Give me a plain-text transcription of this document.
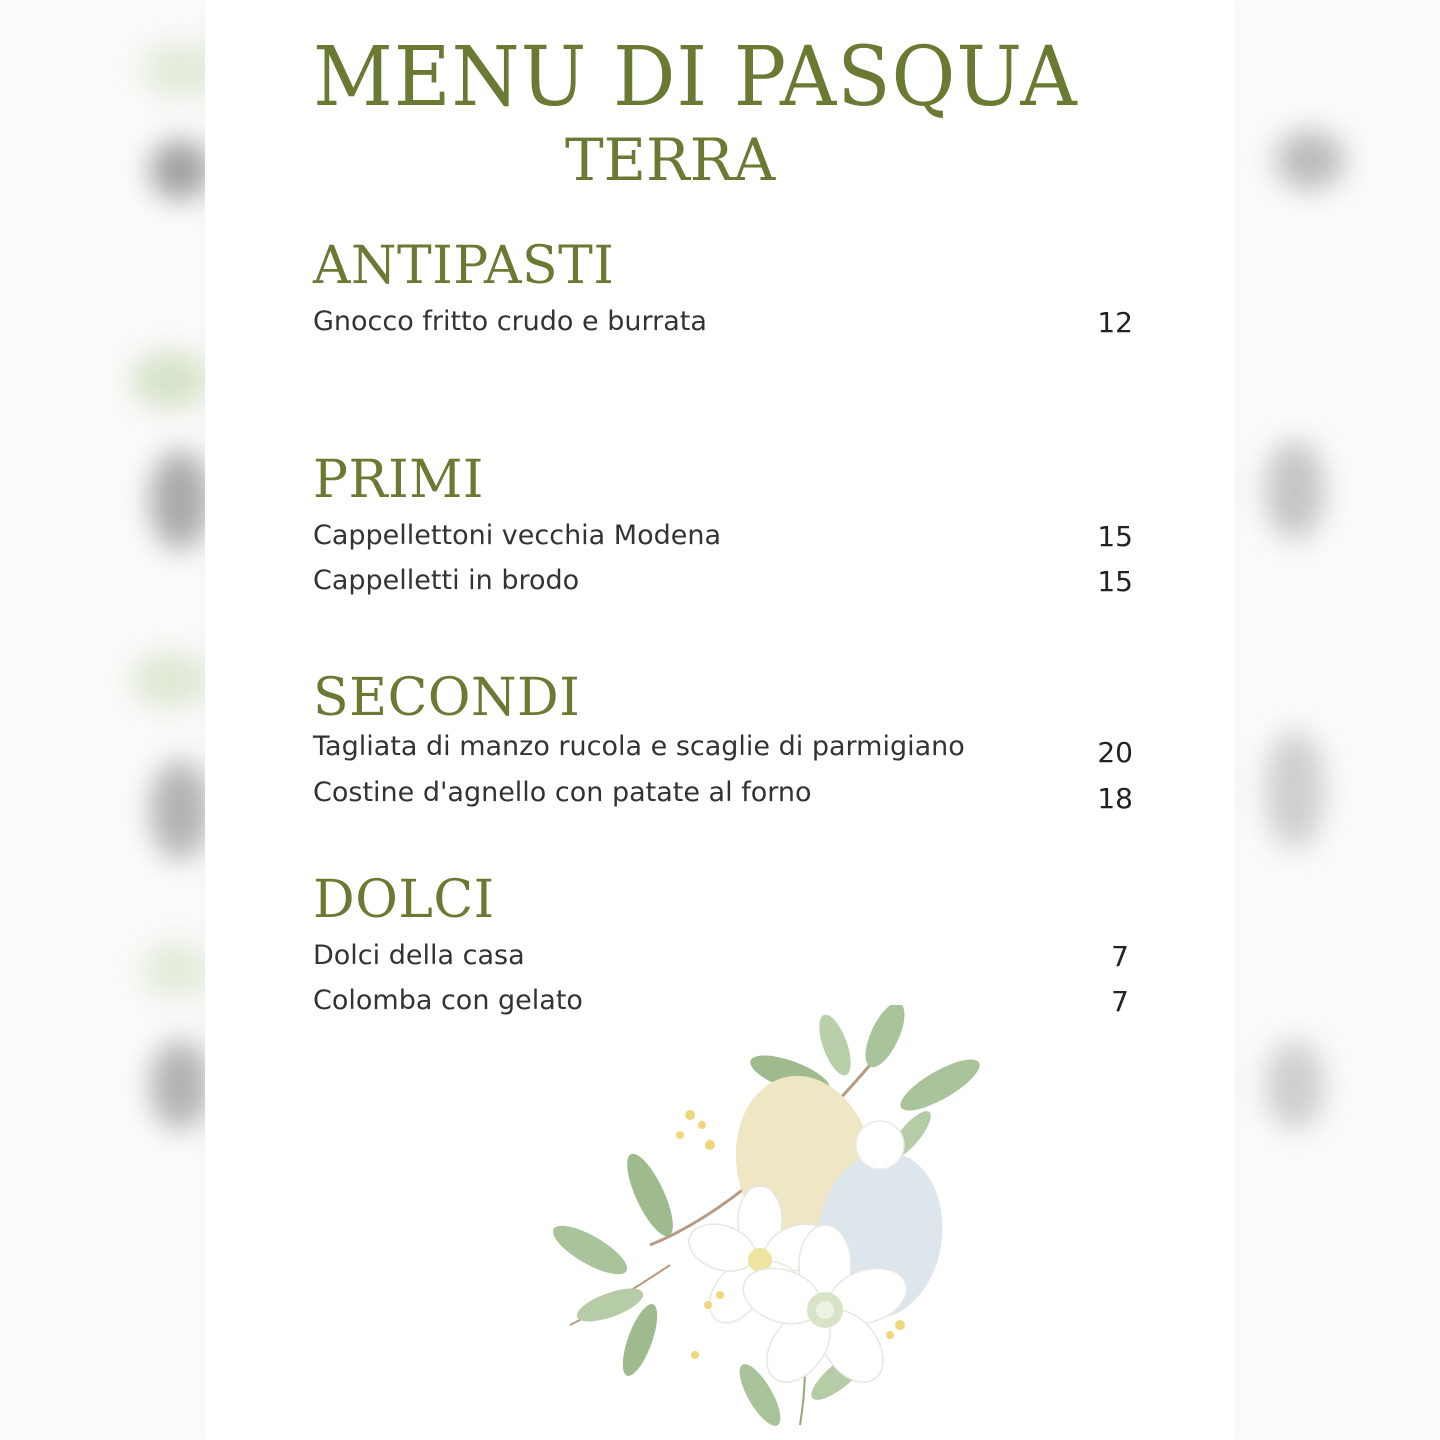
MENU DI PASQUA
TERRA
ANTIPASTI
Gnocco fritto crudo e burrata	12
PRIMI
Cappellettoni vecchia Modena	15
Cappelletti in brodo	15
SECONDI
Tagliata di manzo rucola e scaglie di parmigiano	20
Costine d'agnello con patate al forno	18
DOLCI
Dolci della casa	7
Colomba con gelato	7
